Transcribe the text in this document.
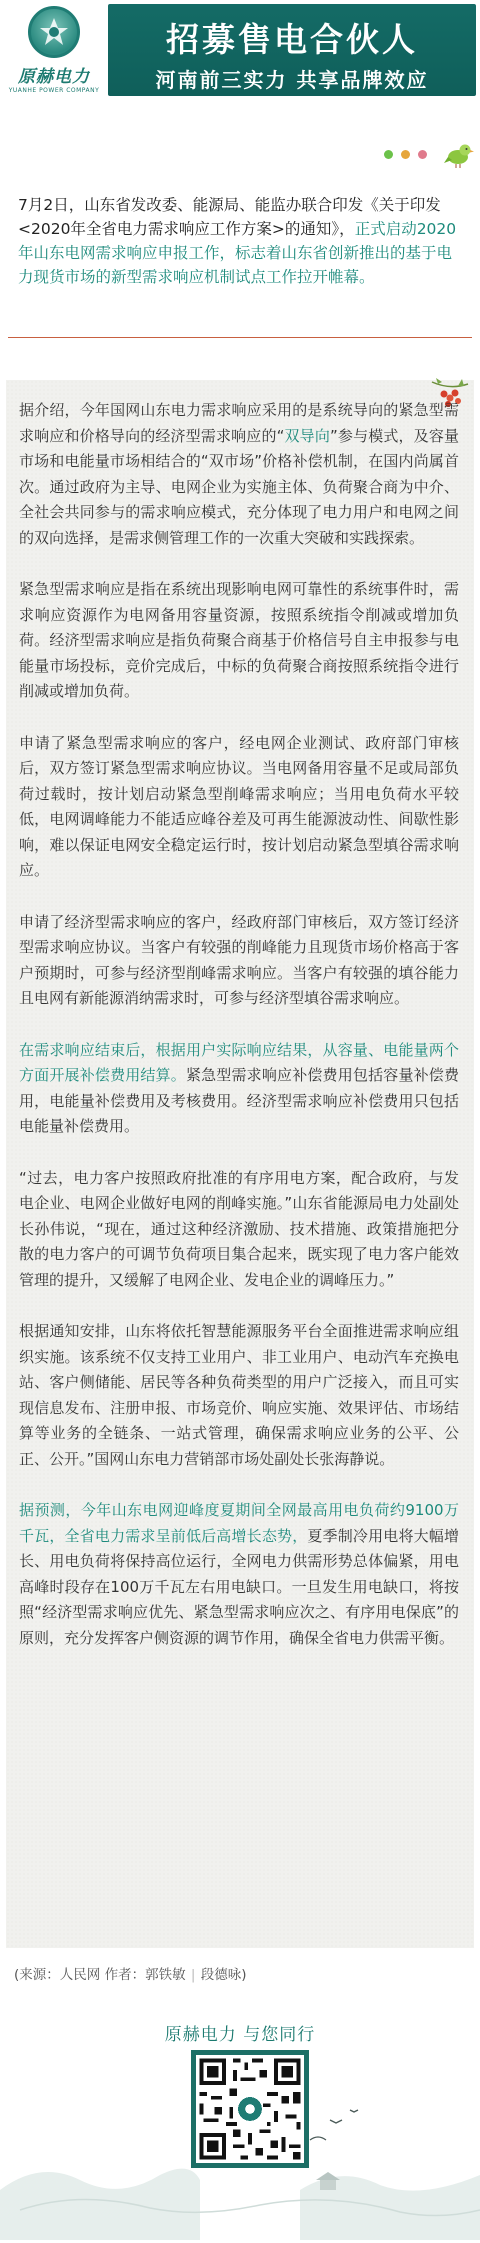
原赫电力
YUANHE POWER COMPANY
招募售电合伙人
河南前三实力 共享品牌效应
7月2日，山东省发改委、能源局、能监办联合印发《关于印发<2020年全省电力需求响应工作方案>的通知》，正式启动2020年山东电网需求响应申报工作，标志着山东省创新推出的基于电力现货市场的新型需求响应机制试点工作拉开帷幕。

据介绍，今年国网山东电力需求响应采用的是系统导向的紧急型需求响应和价格导向的经济型需求响应的“双导向”参与模式，及容量市场和电能量市场相结合的“双市场”价格补偿机制，在国内尚属首次。通过政府为主导、电网企业为实施主体、负荷聚合商为中介、全社会共同参与的需求响应模式，充分体现了电力用户和电网之间的双向选择，是需求侧管理工作的一次重大突破和实践探索。

紧急型需求响应是指在系统出现影响电网可靠性的系统事件时，需求响应资源作为电网备用容量资源，按照系统指令削减或增加负荷。经济型需求响应是指负荷聚合商基于价格信号自主申报参与电能量市场投标，竞价完成后，中标的负荷聚合商按照系统指令进行削减或增加负荷。

申请了紧急型需求响应的客户，经电网企业测试、政府部门审核后，双方签订紧急型需求响应协议。当电网备用容量不足或局部负荷过载时，按计划启动紧急型削峰需求响应；当用电负荷水平较低，电网调峰能力不能适应峰谷差及可再生能源波动性、间歇性影响，难以保证电网安全稳定运行时，按计划启动紧急型填谷需求响应。

申请了经济型需求响应的客户，经政府部门审核后，双方签订经济型需求响应协议。当客户有较强的削峰能力且现货市场价格高于客户预期时，可参与经济型削峰需求响应。当客户有较强的填谷能力且电网有新能源消纳需求时，可参与经济型填谷需求响应。

在需求响应结束后，根据用户实际响应结果，从容量、电能量两个方面开展补偿费用结算。紧急型需求响应补偿费用包括容量补偿费用，电能量补偿费用及考核费用。经济型需求响应补偿费用只包括电能量补偿费用。

“过去，电力客户按照政府批准的有序用电方案，配合政府，与发电企业、电网企业做好电网的削峰实施。”山东省能源局电力处副处长孙伟说，“现在，通过这种经济激励、技术措施、政策措施把分散的电力客户的可调节负荷项目集合起来，既实现了电力客户能效管理的提升，又缓解了电网企业、发电企业的调峰压力。”

根据通知安排，山东将依托智慧能源服务平台全面推进需求响应组织实施。该系统不仅支持工业用户、非工业用户、电动汽车充换电站、客户侧储能、居民等各种负荷类型的用户广泛接入，而且可实现信息发布、注册申报、市场竞价、响应实施、效果评估、市场结算等业务的全链条、一站式管理，确保需求响应业务的公平、公正、公开。”国网山东电力营销部市场处副处长张海静说。

据预测，今年山东电网迎峰度夏期间全网最高用电负荷约9100万千瓦，全省电力需求呈前低后高增长态势，夏季制冷用电将大幅增长、用电负荷将保持高位运行，全网电力供需形势总体偏紧，用电高峰时段存在100万千瓦左右用电缺口。一旦发生用电缺口，将按照“经济型需求响应优先、紧急型需求响应次之、有序用电保底”的原则，充分发挥客户侧资源的调节作用，确保全省电力供需平衡。

(来源：人民网 作者：郭铁敏 | 段德咏)
原赫电力 与您同行
